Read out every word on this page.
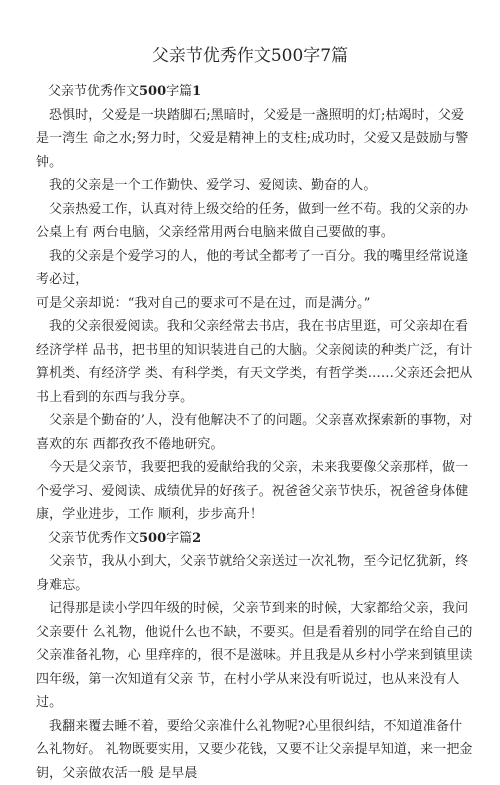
父亲节优秀作文500字7篇
父亲节优秀作文500字篇1

恐惧时，父爱是一块踏脚石;黑暗时，父爱是一盏照明的灯;枯竭时，父爱是一湾生 命之水;努力时，父爱是精神上的支柱;成功时，父爱又是鼓励与警钟。

我的父亲是一个工作勤快、爱学习、爱阅读、勤奋的人。

父亲热爱工作，认真对待上级交给的任务，做到一丝不苟。我的父亲的办公桌上有 两台电脑，父亲经常用两台电脑来做自己要做的事。

我的父亲是个爱学习的人，他的考试全都考了一百分。我的嘴里经常说逢考必过，

可是父亲却说：“我对自己的要求可不是在过，而是满分。”

我的父亲很爱阅读。我和父亲经常去书店，我在书店里逛，可父亲却在看经济学样 品书，把书里的知识装进自己的大脑。父亲阅读的种类广泛，有计算机类、有经济学 类、有科学类，有天文学类，有哲学类……父亲还会把从书上看到的东西与我分享。

父亲是个勤奋的’人，没有他解决不了的问题。父亲喜欢探索新的事物，对喜欢的东 西都孜孜不倦地研究。

今天是父亲节，我要把我的爱献给我的父亲，未来我要像父亲那样，做一个爱学习、爱阅读、成绩优异的好孩子。祝爸爸父亲节快乐，祝爸爸身体健康，学业进步，工作 顺利，步步高升！

父亲节优秀作文500字篇2

父亲节，我从小到大，父亲节就给父亲送过一次礼物，至今记忆犹新，终身难忘。

记得那是读小学四年级的时候，父亲节到来的时候，大家都给父亲，我问父亲要什 么礼物，他说什么也不缺，不要买。但是看着别的同学在给自己的父亲准备礼物，心 里痒痒的，很不是滋味。并且我是从乡村小学来到镇里读四年级，第一次知道有父亲 节，在村小学从来没有听说过，也从来没有人过。

我翻来覆去睡不着，要给父亲准什么礼物呢?心里很纠结，不知道准备什么礼物好。 礼物既要实用，又要少花钱，又要不让父亲提早知道，来一把金钥，父亲做农活一般 是早晨
